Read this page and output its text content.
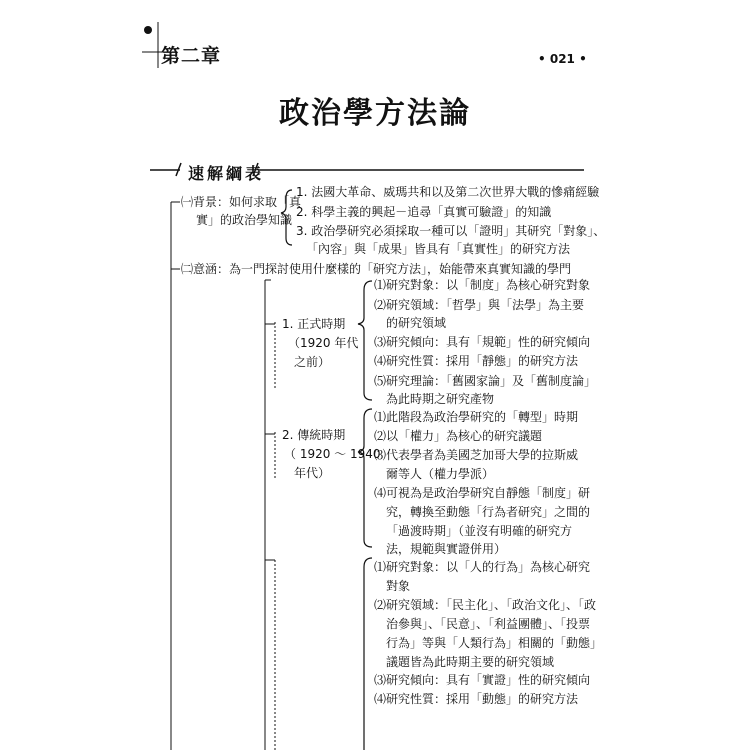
第二章	• 021 •
政治學方法論
速解綱表
㈠背景：如何求取「真
實」的政治學知識
1. 法國大革命、威瑪共和以及第二次世界大戰的慘痛經驗
2. 科學主義的興起－追尋「真實可驗證」的知識
3. 政治學研究必須採取一種可以「證明」其研究「對象」、
「內容」與「成果」皆具有「真實性」的研究方法
㈡意涵：為一門探討使用什麼樣的「研究方法」，始能帶來真實知識的學門
1. 正式時期
（1920 年代
之前）
⑴研究對象：以「制度」為核心研究對象
⑵研究領域：「哲學」與「法學」為主要
的研究領域
⑶研究傾向：具有「規範」性的研究傾向
⑷研究性質：採用「靜態」的研究方法
⑸研究理論：「舊國家論」及「舊制度論」
為此時期之研究產物
2. 傳統時期
（ 1920 ～ 1940
年代）
⑴此階段為政治學研究的「轉型」時期
⑵以「權力」為核心的研究議題
⑶代表學者為美國芝加哥大學的拉斯威
爾等人（權力學派）
⑷可視為是政治學研究自靜態「制度」研
究，轉換至動態「行為者研究」之間的
「過渡時期」（並沒有明確的研究方
法，規範與實證併用）
⑴研究對象：以「人的行為」為核心研究
對象
⑵研究領域：「民主化」、「政治文化」、「政
治參與」、「民意」、「利益團體」、「投票
行為」等與「人類行為」相關的「動態」
議題皆為此時期主要的研究領域
⑶研究傾向：具有「實證」性的研究傾向
⑷研究性質：採用「動態」的研究方法
